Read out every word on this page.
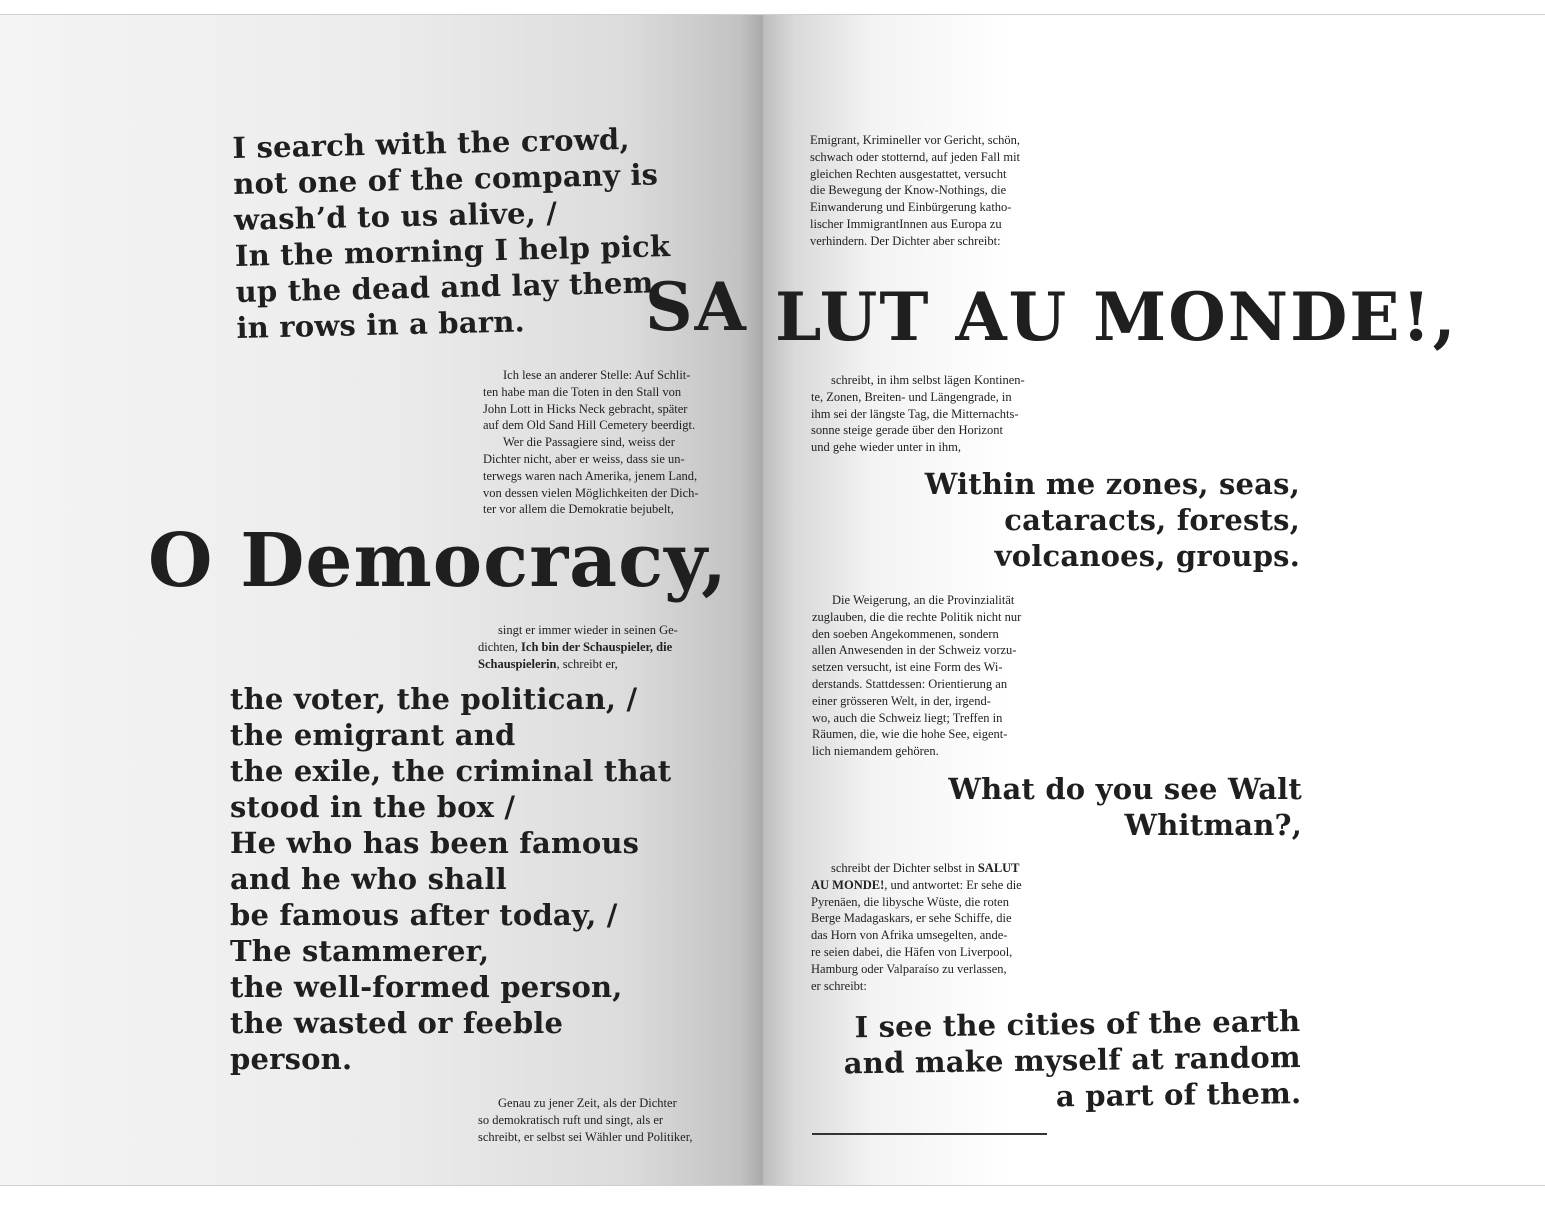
I search with the crowd,
not one of the company is
wash’d to us alive, /
In the morning I help pick
up the dead and lay them
in rows in a barn.
Ich lese an anderer Stelle: Auf Schlit-
ten habe man die Toten in den Stall von
John Lott in Hicks Neck gebracht, später
auf dem Old Sand Hill Cemetery beerdigt.
Wer die Passagiere sind, weiss der
Dichter nicht, aber er weiss, dass sie un-
terwegs waren nach Amerika, jenem Land,
von dessen vielen Möglichkeiten der Dich-
ter vor allem die Demokratie bejubelt,
O Democracy,
singt er immer wieder in seinen Ge-
dichten, Ich bin der Schauspieler, die
Schauspielerin, schreibt er,
the voter, the politican, /
the emigrant and
the exile, the criminal that
stood in the box /
He who has been famous
and he who shall
be famous after today, /
The stammerer,
the well-formed person,
the wasted or feeble
person.
Genau zu jener Zeit, als der Dichter
so demokratisch ruft und singt, als er
schreibt, er selbst sei Wähler und Politiker,
SA LUT AU MONDE!,
Emigrant, Krimineller vor Gericht, schön,
schwach oder stotternd, auf jeden Fall mit
gleichen Rechten ausgestattet, versucht
die Bewegung der Know-Nothings, die
Einwanderung und Einbürgerung katho-
lischer ImmigrantInnen aus Europa zu
verhindern. Der Dichter aber schreibt:
schreibt, in ihm selbst lägen Kontinen-
te, Zonen, Breiten- und Längengrade, in
ihm sei der längste Tag, die Mitternachts-
sonne steige gerade über den Horizont
und gehe wieder unter in ihm,
Within me zones, seas,
cataracts, forests,
volcanoes, groups.
Die Weigerung, an die Provinzialität
zuglauben, die die rechte Politik nicht nur
den soeben Angekommenen, sondern
allen Anwesenden in der Schweiz vorzu-
setzen versucht, ist eine Form des Wi-
derstands. Stattdessen: Orientierung an
einer grösseren Welt, in der, irgend-
wo, auch die Schweiz liegt; Treffen in
Räumen, die, wie die hohe See, eigent-
lich niemandem gehören.
What do you see Walt
Whitman?,
schreibt der Dichter selbst in SALUT
AU MONDE!, und antwortet: Er sehe die
Pyrenäen, die libysche Wüste, die roten
Berge Madagaskars, er sehe Schiffe, die
das Horn von Afrika umsegelten, ande-
re seien dabei, die Häfen von Liverpool,
Hamburg oder Valparaíso zu verlassen,
er schreibt:
I see the cities of the earth
and make myself at random
a part of them.
